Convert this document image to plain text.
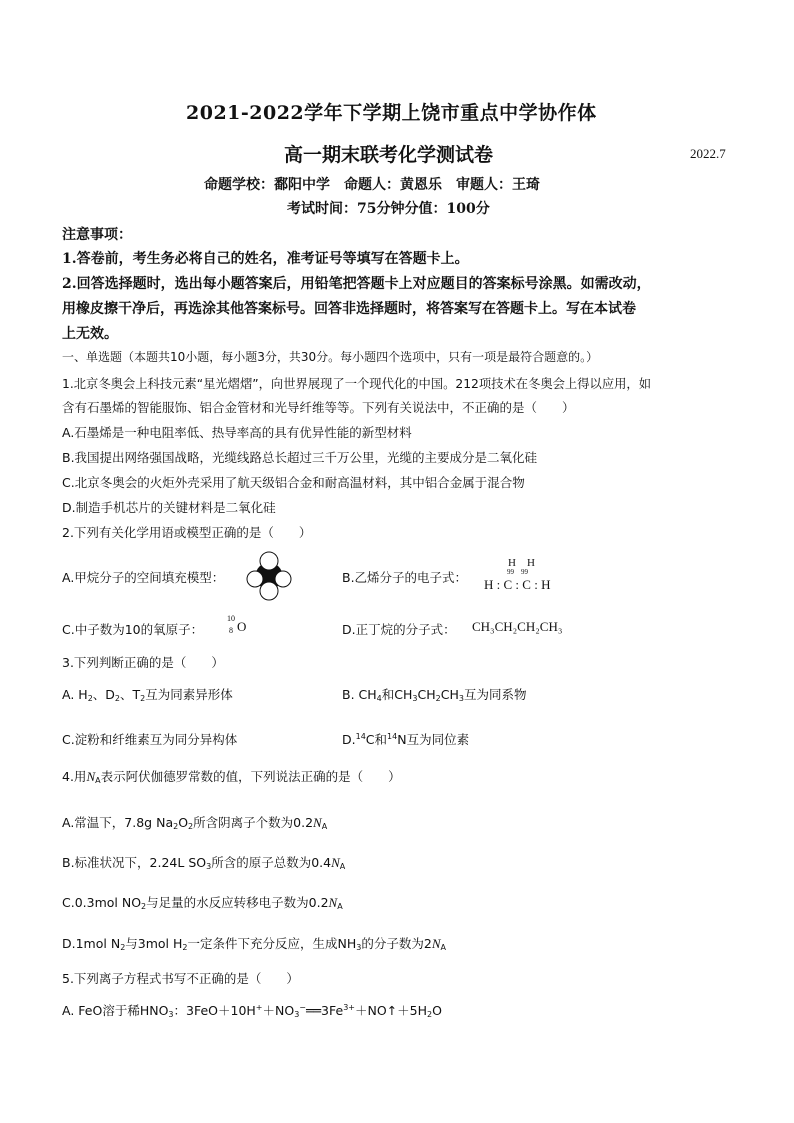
2021-2022学年下学期上饶市重点中学协作体
高一期末联考化学测试卷	2022.7
命题学校：鄱阳中学　命题人：黄恩乐　审题人：王琦
考试时间：75分钟分值：100分
注意事项：
1.答卷前，考生务必将自己的姓名，准考证号等填写在答题卡上。
2.回答选择题时，选出每小题答案后，用铅笔把答题卡上对应题目的答案标号涂黑。如需改动，
用橡皮擦干净后，再选涂其他答案标号。回答非选择题时，将答案写在答题卡上。写在本试卷
上无效。
一、单选题（本题共10小题，每小题3分，共30分。每小题四个选项中，只有一项是最符合题意的。）
1.北京冬奥会上科技元素“星光熠熠”，向世界展现了一个现代化的中国。212项技术在冬奥会上得以应用，如
含有石墨烯的智能服饰、铝合金管材和光导纤维等等。下列有关说法中，不正确的是（　　）
A.石墨烯是一种电阻率低、热导率高的具有优异性能的新型材料
B.我国提出网络强国战略，光缆线路总长超过三千万公里，光缆的主要成分是二氧化硅
C.北京冬奥会的火炬外壳采用了航天级铝合金和耐高温材料，其中铝合金属于混合物
D.制造手机芯片的关键材料是二氧化硅
2.下列有关化学用语或模型正确的是（　　）
A.甲烷分子的空间填充模型：	B.乙烯分子的电子式：
H　H
99　99
H : C : C : H
C.中子数为10的氧原子：
10
8 O	D.正丁烷的分子式： CH₃CH₂CH₂CH₃
3.下列判断正确的是（　　）
A. $H_2$、$D_2$、$T_2$互为同素异形体	B. $CH_4$和$CH_3CH_2CH_3$互为同系物
C.淀粉和纤维素互为同分异构体	D.$^{14}$C和$^{14}$N互为同位素
4.用$N_A$表示阿伏伽德罗常数的值，下列说法正确的是（　　）
A.常温下，7.8g $Na_2O_2$所含阴离子个数为$0.2N_A$
B.标准状况下，2.24L $SO_3$所含的原子总数为$0.4N_A$
C.0.3mol $NO_2$与足量的水反应转移电子数为$0.2N_A$
D.1mol $N_2$与3mol $H_2$一定条件下充分反应，生成$NH_3$的分子数为$2N_A$
5.下列离子方程式书写不正确的是（　　）
A. FeO溶于稀$HNO_3$：$3FeO+10H^++NO_3^-══3Fe^{3+}+NO↑+5H_2O$
